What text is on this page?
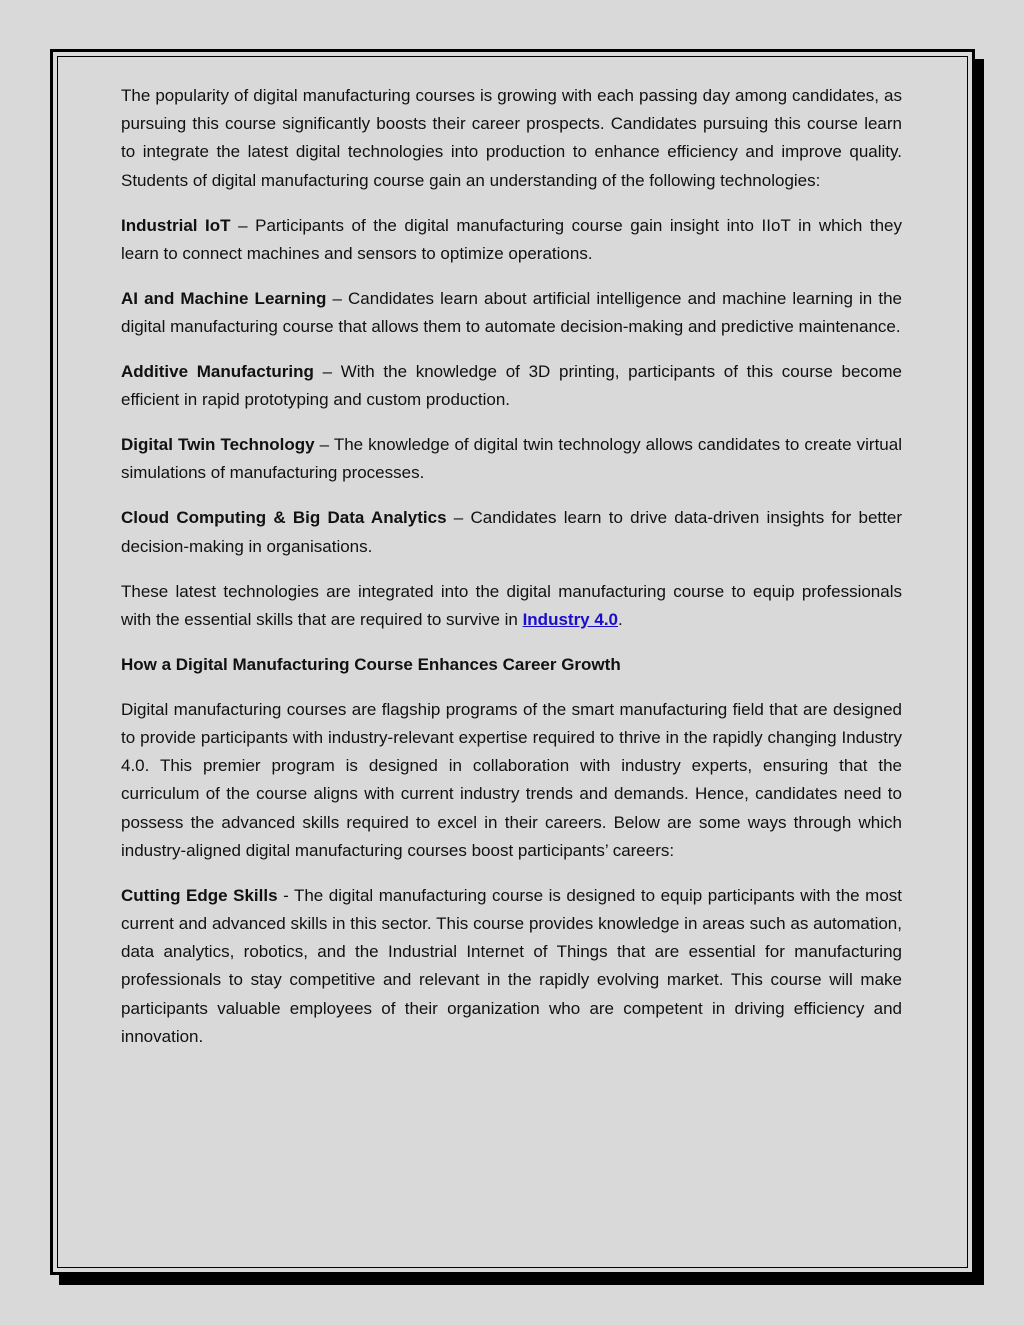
The popularity of digital manufacturing courses is growing with each passing day among candidates, as pursuing this course significantly boosts their career prospects. Candidates pursuing this course learn to integrate the latest digital technologies into production to enhance efficiency and improve quality. Students of digital manufacturing course gain an understanding of the following technologies:

Industrial IoT – Participants of the digital manufacturing course gain insight into IIoT in which they learn to connect machines and sensors to optimize operations.

AI and Machine Learning – Candidates learn about artificial intelligence and machine learning in the digital manufacturing course that allows them to automate decision-making and predictive maintenance.

Additive Manufacturing – With the knowledge of 3D printing, participants of this course become efficient in rapid prototyping and custom production.

Digital Twin Technology – The knowledge of digital twin technology allows candidates to create virtual simulations of manufacturing processes.

Cloud Computing & Big Data Analytics – Candidates learn to drive data-driven insights for better decision-making in organisations.

These latest technologies are integrated into the digital manufacturing course to equip professionals with the essential skills that are required to survive in Industry 4.0.

How a Digital Manufacturing Course Enhances Career Growth

Digital manufacturing courses are flagship programs of the smart manufacturing field that are designed to provide participants with industry-relevant expertise required to thrive in the rapidly changing Industry 4.0. This premier program is designed in collaboration with industry experts, ensuring that the curriculum of the course aligns with current industry trends and demands. Hence, candidates need to possess the advanced skills required to excel in their careers. Below are some ways through which industry-aligned digital manufacturing courses boost participants’ careers:

Cutting Edge Skills - The digital manufacturing course is designed to equip participants with the most current and advanced skills in this sector. This course provides knowledge in areas such as automation, data analytics, robotics, and the Industrial Internet of Things that are essential for manufacturing professionals to stay competitive and relevant in the rapidly evolving market. This course will make participants valuable employees of their organization who are competent in driving efficiency and innovation.
